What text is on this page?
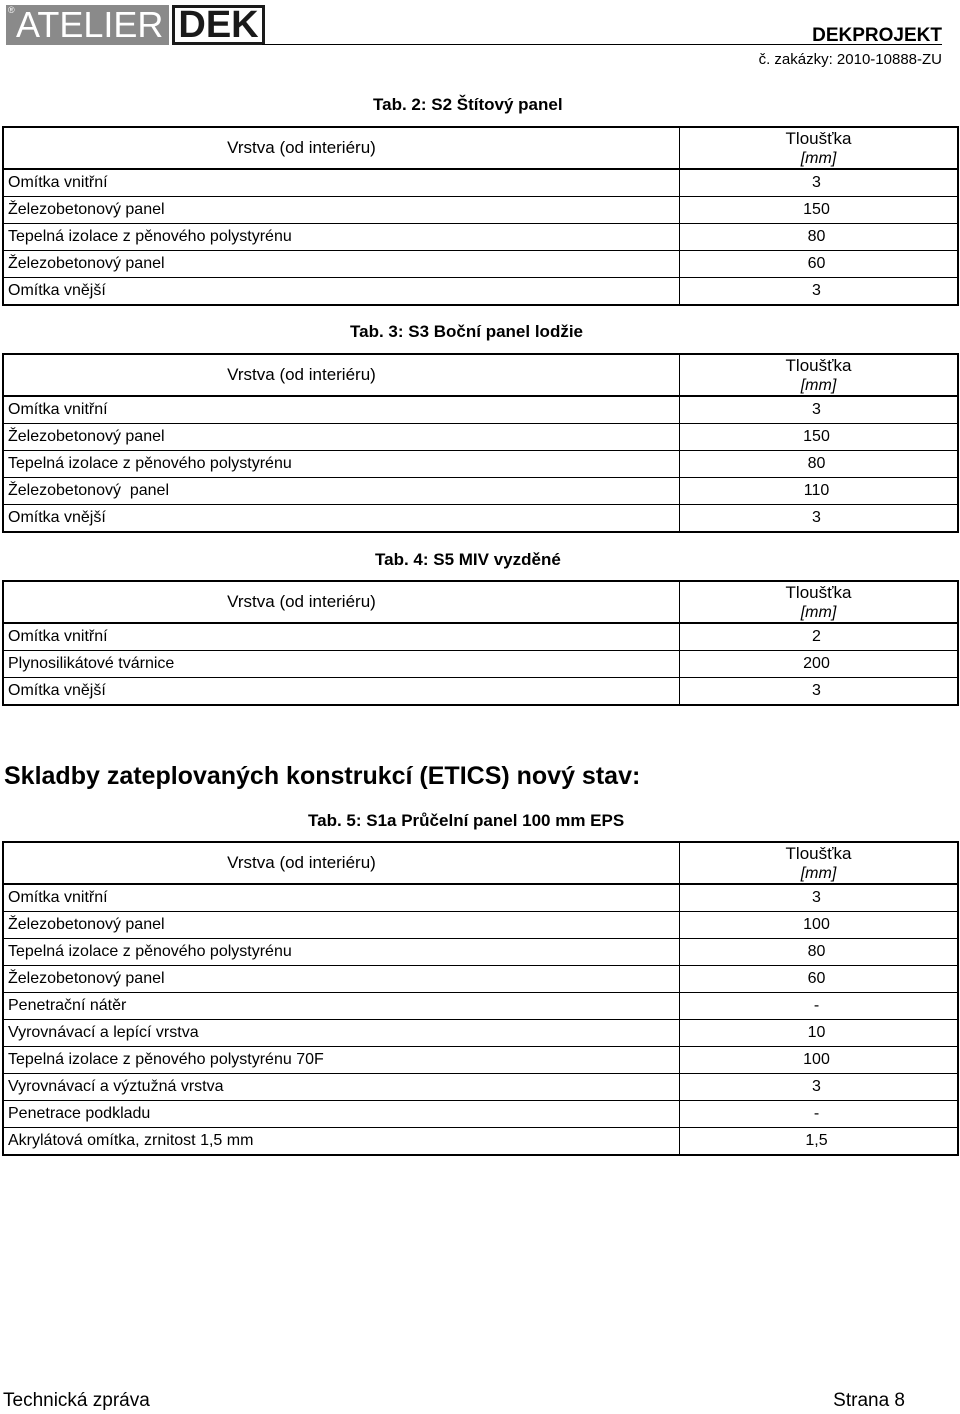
® ATELIER DEK	DEKPROJEKT
č. zakázky: 2010-10888-ZU
Tab. 2: S2 Štítový panel
Vrstva (od interiéru)	Tloušťka
[mm]
Omítka vnitřní	3
Železobetonový panel	150
Tepelná izolace z pěnového polystyrénu	80
Železobetonový panel	60
Omítka vnější	3
Tab. 3: S3 Boční panel lodžie
Vrstva (od interiéru)	Tloušťka
[mm]
Omítka vnitřní	3
Železobetonový panel	150
Tepelná izolace z pěnového polystyrénu	80
Železobetonový  panel	110
Omítka vnější	3
Tab. 4: S5 MIV vyzděné
Vrstva (od interiéru)	Tloušťka
[mm]
Omítka vnitřní	2
Plynosilikátové tvárnice	200
Omítka vnější	3
Skladby zateplovaných konstrukcí (ETICS) nový stav:
Tab. 5: S1a Průčelní panel 100 mm EPS
Vrstva (od interiéru)	Tloušťka
[mm]
Omítka vnitřní	3
Železobetonový panel	100
Tepelná izolace z pěnového polystyrénu	80
Železobetonový panel	60
Penetrační nátěr	-
Vyrovnávací a lepící vrstva	10
Tepelná izolace z pěnového polystyrénu 70F	100
Vyrovnávací a výztužná vrstva	3
Penetrace podkladu	-
Akrylátová omítka, zrnitost 1,5 mm	1,5
Technická zpráva	Strana 8
